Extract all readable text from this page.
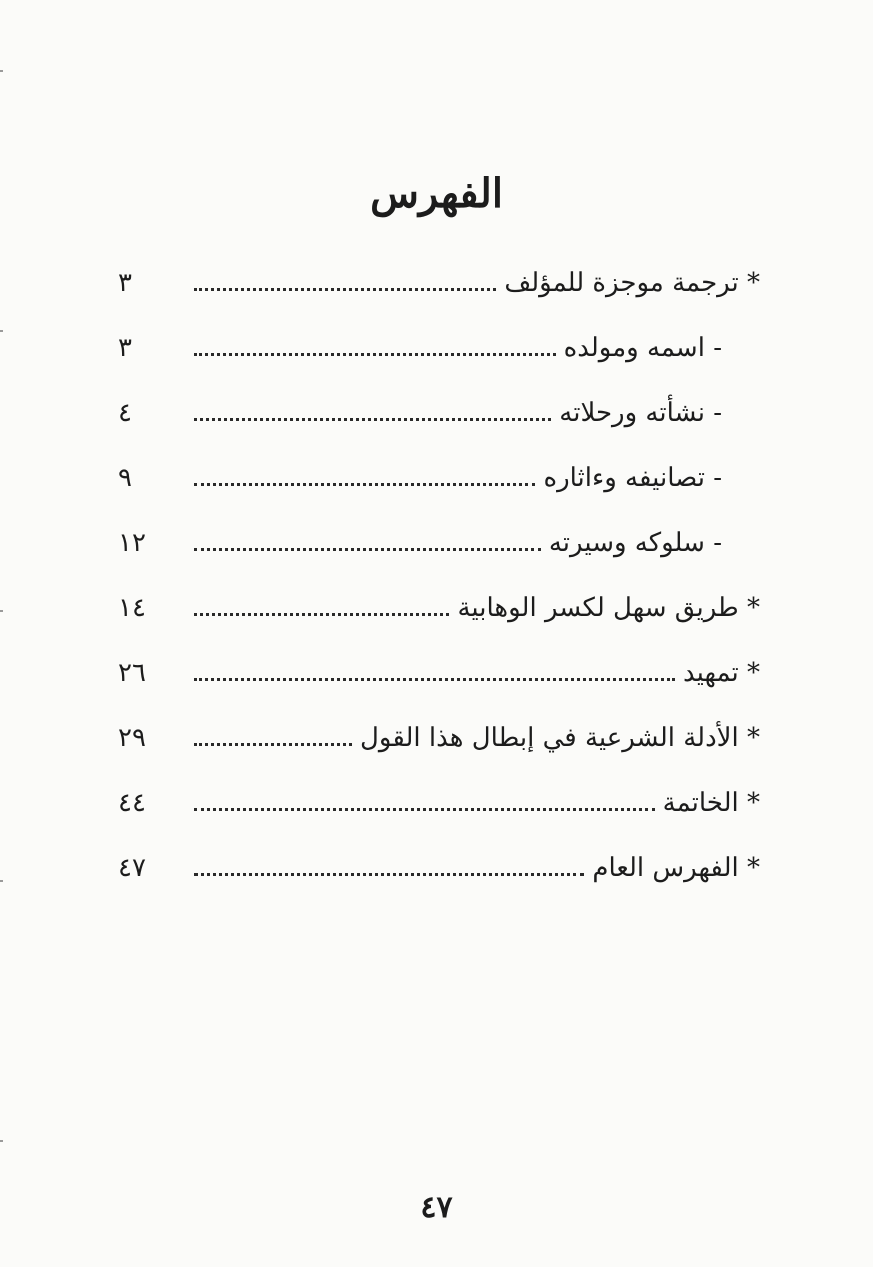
الفهرس
* ترجمة موجزة للمؤلف
٣
- اسمه ومولده
٣
- نشأته ورحلاته
٤
- تصانيفه وءاثاره
٩
- سلوكه وسيرته
١٢
* طريق سهل لكسر الوهابية
١٤
* تمهيد
٢٦
* الأدلة الشرعية في إبطال هذا القول
٢٩
* الخاتمة
٤٤
* الفهرس العام
٤٧
٤٧
